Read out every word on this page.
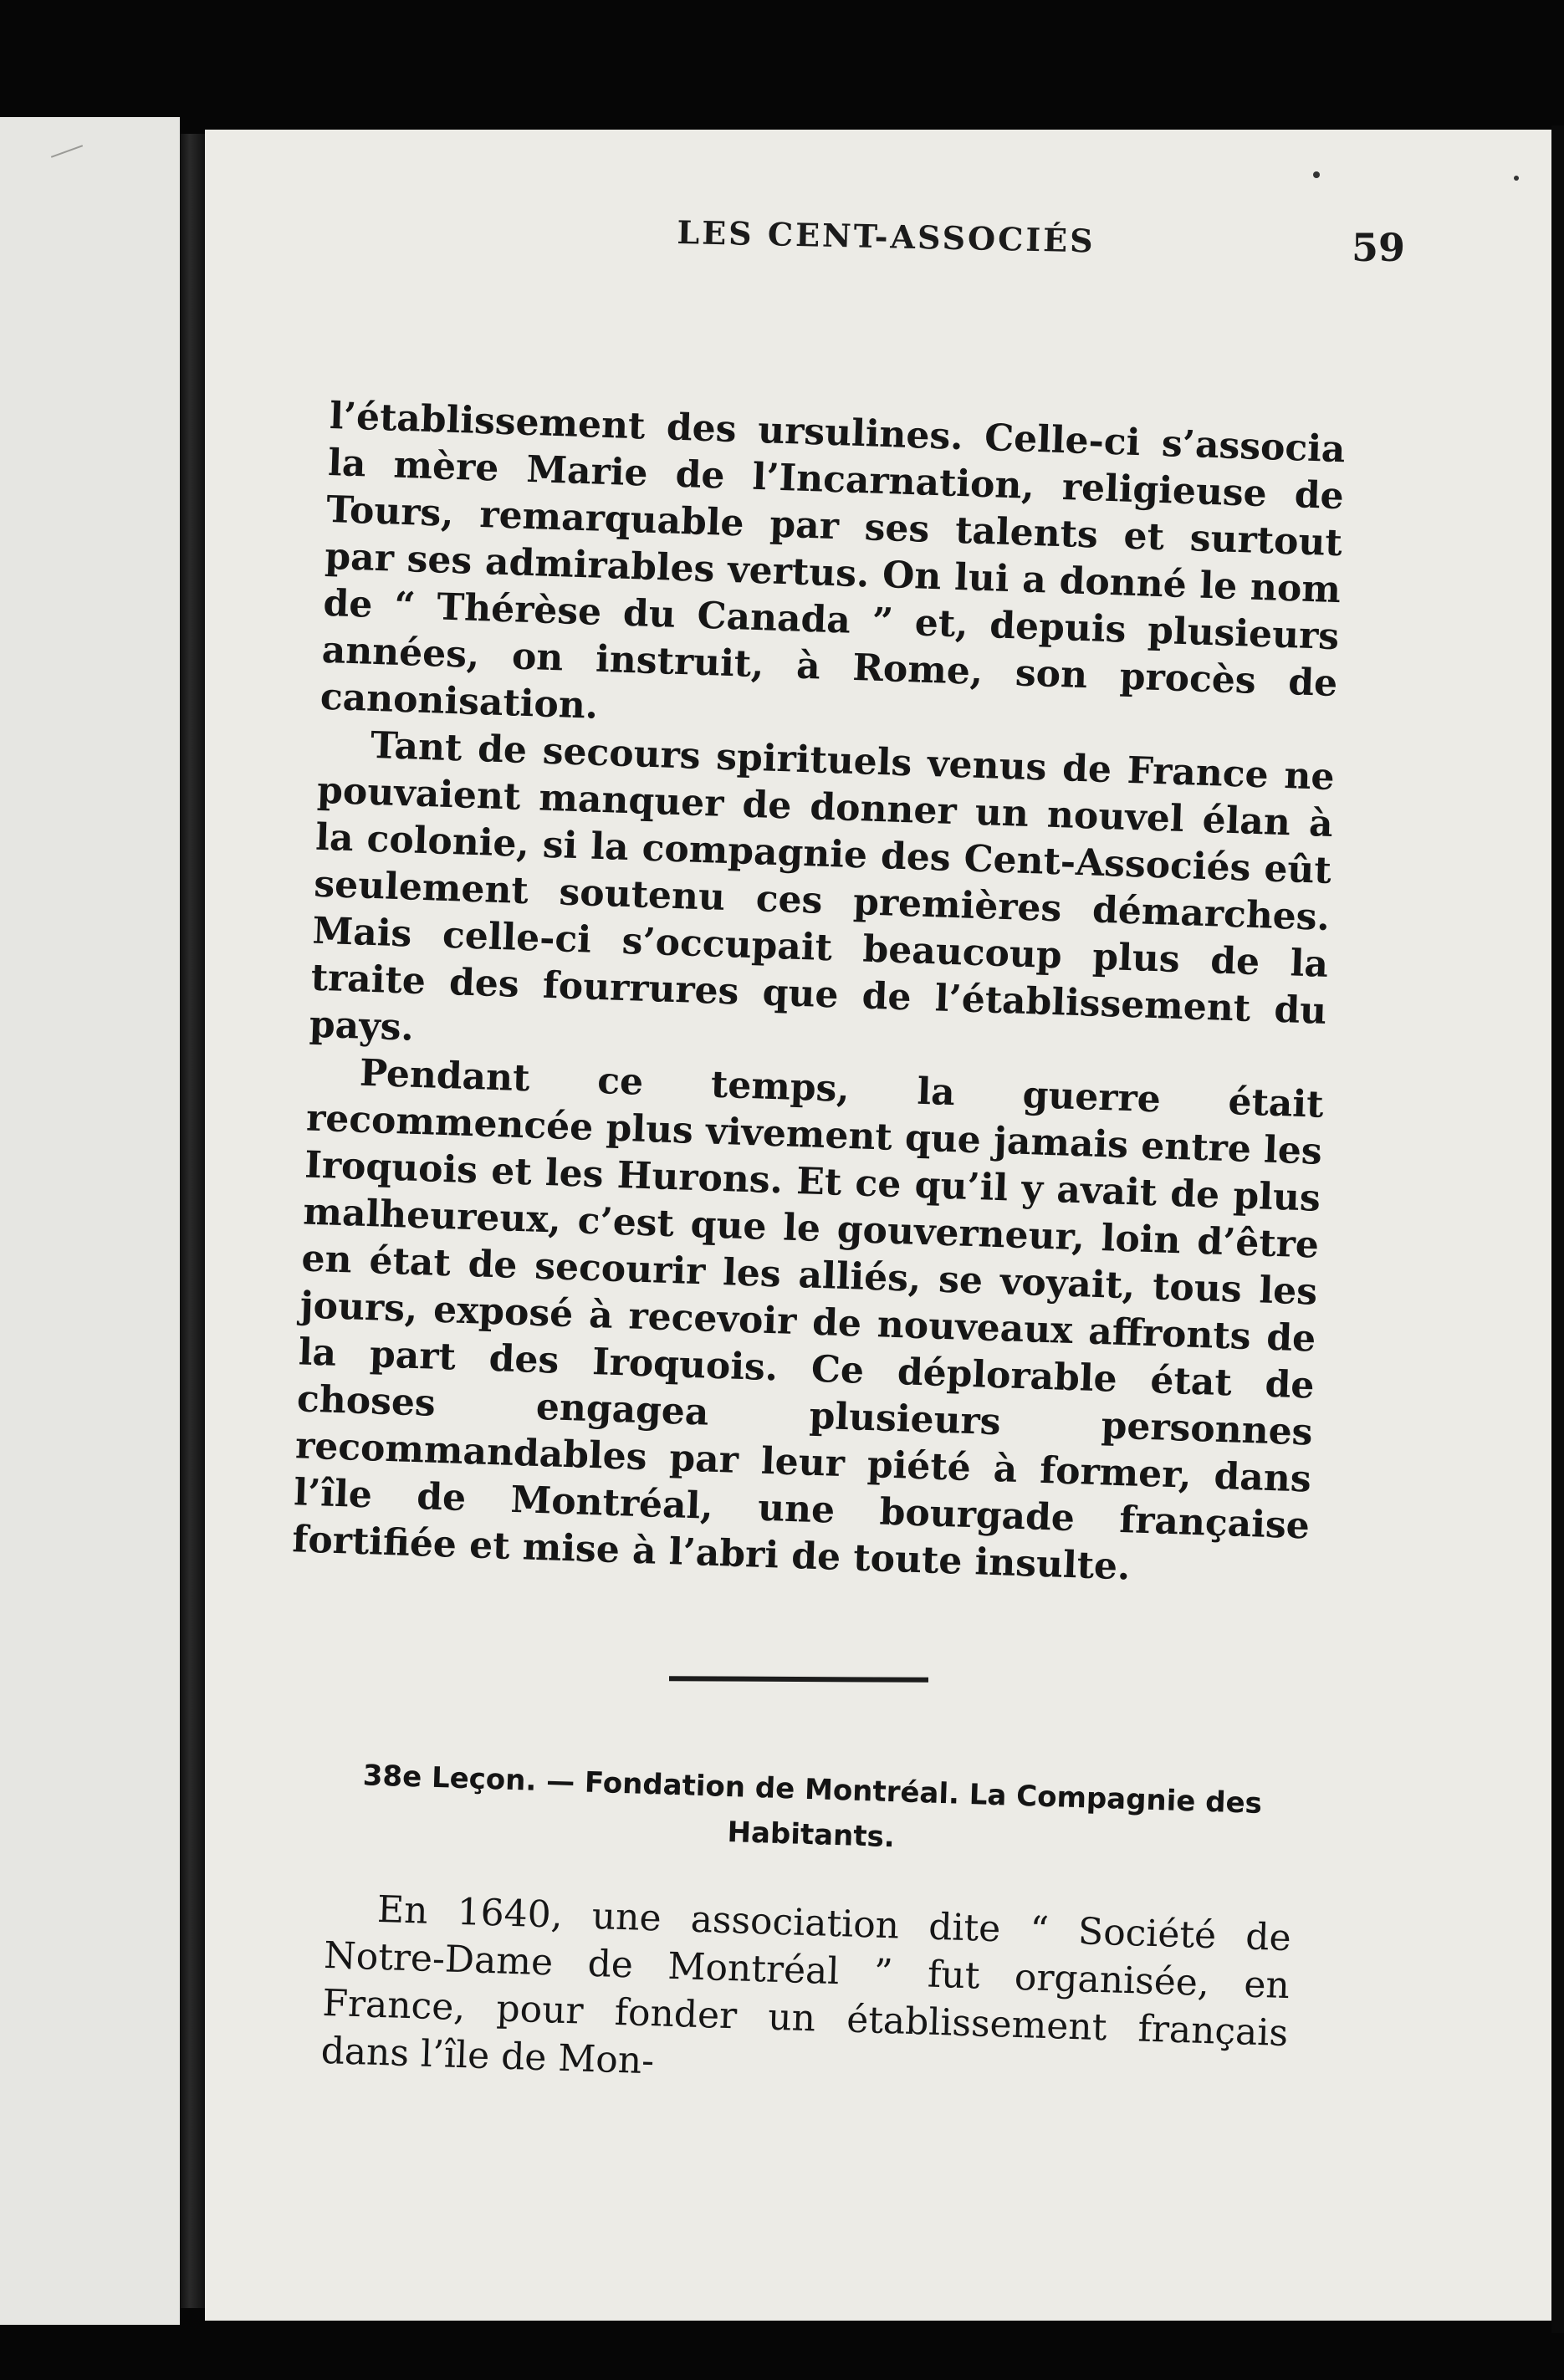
LES CENT-ASSOCIÉS	59

l’établissement des ursulines. Celle-ci s’associa la mère Marie de l’Incarnation, religieuse de Tours, remarquable par ses talents et surtout par ses admirables vertus. On lui a donné le nom de “ Thérèse du Canada ” et, depuis plusieurs années, on instruit, à Rome, son procès de canonisation.

Tant de secours spirituels venus de France ne pouvaient manquer de donner un nouvel élan à la colonie, si la compagnie des Cent-Associés eût seulement soutenu ces premières démarches. Mais celle-ci s’occupait beaucoup plus de la traite des fourrures que de l’établissement du pays.

Pendant ce temps, la guerre était recommencée plus vivement que jamais entre les Iroquois et les Hurons. Et ce qu’il y avait de plus malheureux, c’est que le gouverneur, loin d’être en état de secourir les alliés, se voyait, tous les jours, exposé à recevoir de nouveaux affronts de la part des Iroquois. Ce déplorable état de choses engagea plusieurs personnes recommandables par leur piété à former, dans l’île de Montréal, une bourgade française fortifiée et mise à l’abri de toute insulte.

38e Leçon. — Fondation de Montréal. La Compagnie des Habitants.

En 1640, une association dite “ Société de Notre-Dame de Montréal ” fut organisée, en France, pour fonder un établissement français dans l’île de Mon-
